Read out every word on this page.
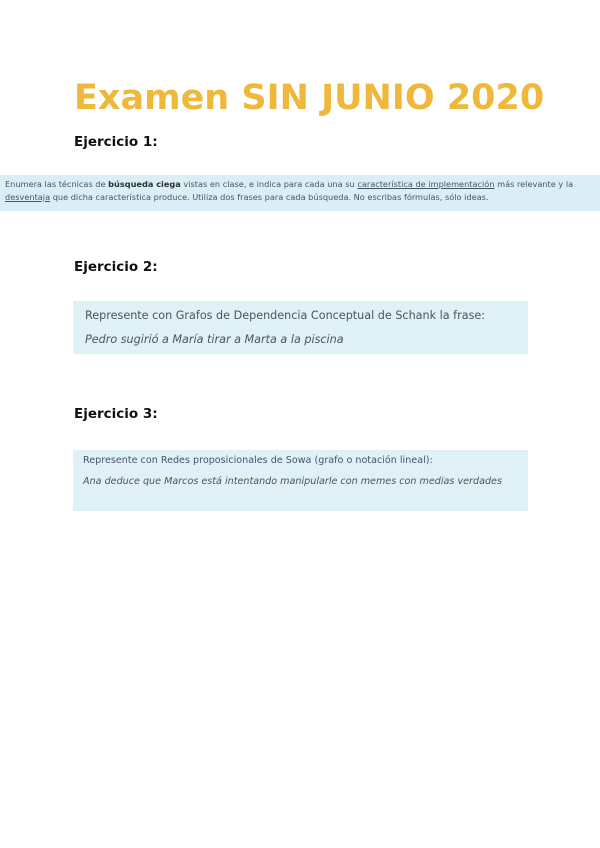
Examen SIN JUNIO 2020
Ejercicio 1:
Enumera las técnicas de búsqueda ciega vistas en clase, e indica para cada una su característica de implementación más relevante y la desventaja que dicha característica produce. Utiliza dos frases para cada búsqueda. No escribas fórmulas, sólo ideas.
Ejercicio 2:
Represente con Grafos de Dependencia Conceptual de Schank la frase:
Pedro sugirió a María tirar a Marta a la piscina
Ejercicio 3:
Represente con Redes proposicionales de Sowa (grafo o notación lineal):
Ana deduce que Marcos está intentando manipularle con memes con medias verdades
